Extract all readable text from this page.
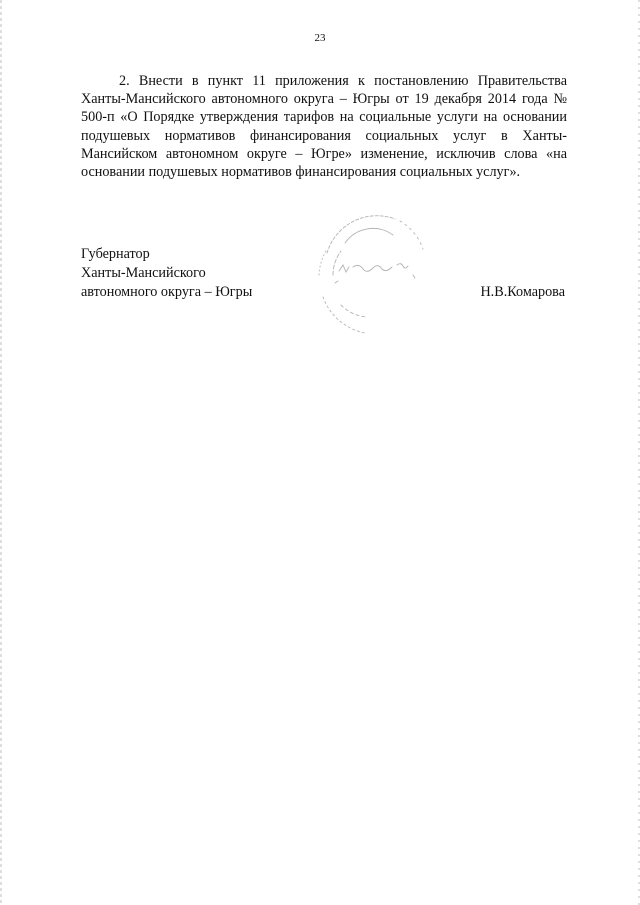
23

2. Внести в пункт 11 приложения к постановлению Правительства Ханты-Мансийского автономного округа – Югры от 19 декабря 2014 года № 500-п «О Порядке утверждения тарифов на социальные услуги на основании подушевых нормативов финансирования социальных услуг в Ханты-Мансийском автономном округе – Югре» изменение, исключив слова «на основании подушевых нормативов финансирования социальных услуг».

Губернатор
Ханты-Мансийского
автономного округа – Югры	Н.В.Комарова
